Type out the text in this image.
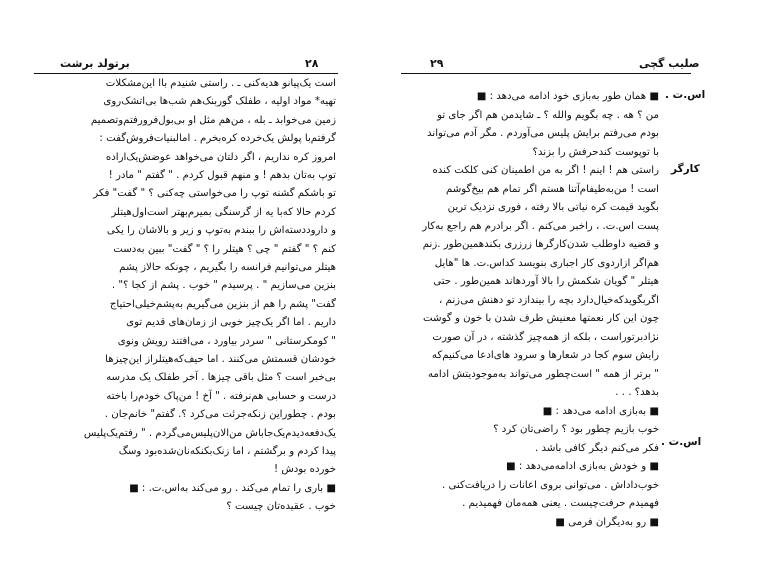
برتولد برشت	۲۸
است یک‌پیانو هدیه‌کنی ـ . راستی شنیدم باا این‌مشکلات
تهیه* مواد اولیه ، طفلک گوربنک‌هم شب‌ها بی‌اتشک‌روی
زمین می‌خوابد ـ بله ، من‌هم مثل او بی‌بول‌فرورفتم‌وتصمیم
گرفتم‌با پولش یک‌خرده کره‌بخرم . اما‌لبنیات‌فروش‌گفت :
امروز کره نداریم ، اگر دلتان می‌خواهد عوضش‌یک‌اراده
توپ به‌تان بدهم ! و منهم قبول کردم . " گفتم " مادر !
تو با‌شکم گشنه توپ را می‌خواستی چه‌کنی ؟ " گفت" فکر
کردم حالا که‌با یه از گرسنگی بمیرم‌بهتر است‌اول‌هیتلر
و داروددسته‌اش را ببندم به‌توپ و زیر و بالاشان را یکی
کنم ؟ " گفتم " چی ؟ هیتلر را ؟ " گفت" ببین به‌دست
هیتلر می‌توانیم فرانسه را بگیریم ، چونکه حالاز پشم
بنزین می‌سازیم " . پرسیدم " خوب . پشم از کجا ؟" .
گفت" پشم را هم از بنزین می‌گیریم به‌پشم‌خیلی‌احتیاج
داریم . اما اگر یک‌چیز خوبی از زمان‌های قدیم توی
" کومکرستانی " سردر بیاورد ، می‌افتند رویش ونوی
خودشان قسمتش می‌کنند . اما حیف‌که‌هیتلراز این‌چیزها
بی‌خبر است ؟ مثل باقی چیزها . آخر طفلک یک مدرسه
درست و حسابی هم‌نرفته . " آخ ! من‌پاک خودم‌را باخته
بودم . چطوراین زنکه‌جرئت می‌کرد ؟. گفتم" خانم‌جان .
یک‌دفعه‌دیدم‌یک‌جاباش من‌الان‌پلیس‌می‌گردم . " رفتم‌یک‌پلیس
پیدا کردم و برگشتم ، اما زنک‌بکنکه‌نان‌شده‌بود وسگ
خورده بودش !
■ باری را تمام می‌کند . رو می‌کند به‌اس.ت. : ■
خوب . عقیده‌تان چیست ؟
۲۹	صلیب گچی
اس.ت .
کارگر
اس.ت .
■ همان طور به‌بازی خود ادامه می‌دهد : ■
من ؟ هه . چه بگویم والله ؟ ـ شایدمن هم اگر جای تو
بودم می‌رفتم برایش پلیس می‌آوردم . مگر آدم می‌تواند
با توپوست کندحرفش را بزند؟
راستی هم ! اینم ! اگر به من اطمینان کنی کلکت کنده
است ! من‌به‌طیفام‌آتنا هستم اگر تمام هم بیخ‌گوشم
بگوید قیمت کره نیاتی بالا رفته ، فوری نزدیک ترین
پست اس.ت. ، راخبر می‌کنم . اگر برادرم هم راجع به‌کار
و قضیه داوطلب شدن‌کارگرها زرزری بکندهمین‌طور .زنم
هم‌اگر ازاردوی کار اجباری بنویسد کداس.ت. ها "هایل
هیتلر " گویان شکمش را بالا آوردهاند همین‌طور . حتی
اگربگوید‌که‌خیال‌دارد بچه را بیندازد تو دهنش می‌زنم ،
چون این کار نعمتها معنیش طرف شدن با خون و گوشت
نژادبرتوراست ، بلکه از همه‌چیز گذشته ، در آن صورت
رایش سوم کجا در شعارها و سرود های‌ادعا می‌کنیم‌که
" برتر از همه " است‌چطور می‌تواند به‌موجودیتش ادامه
بدهد؟ . . .
■ به‌بازی ادامه می‌دهد : ■
خوب بازیم چطور بود ؟ راضی‌تان کرد ؟
فکر می‌کنم دیگر کافی باشد .
■ و خودش به‌بازی ادامه‌می‌دهد : ■
خوب‌داداش . می‌توانی بروی اعانات را دریافت‌کنی .
فهمیدم حرفت‌چیست . یعنی همه‌مان فهمیدیم .
■ رو به‌دیگران فرمی ■
